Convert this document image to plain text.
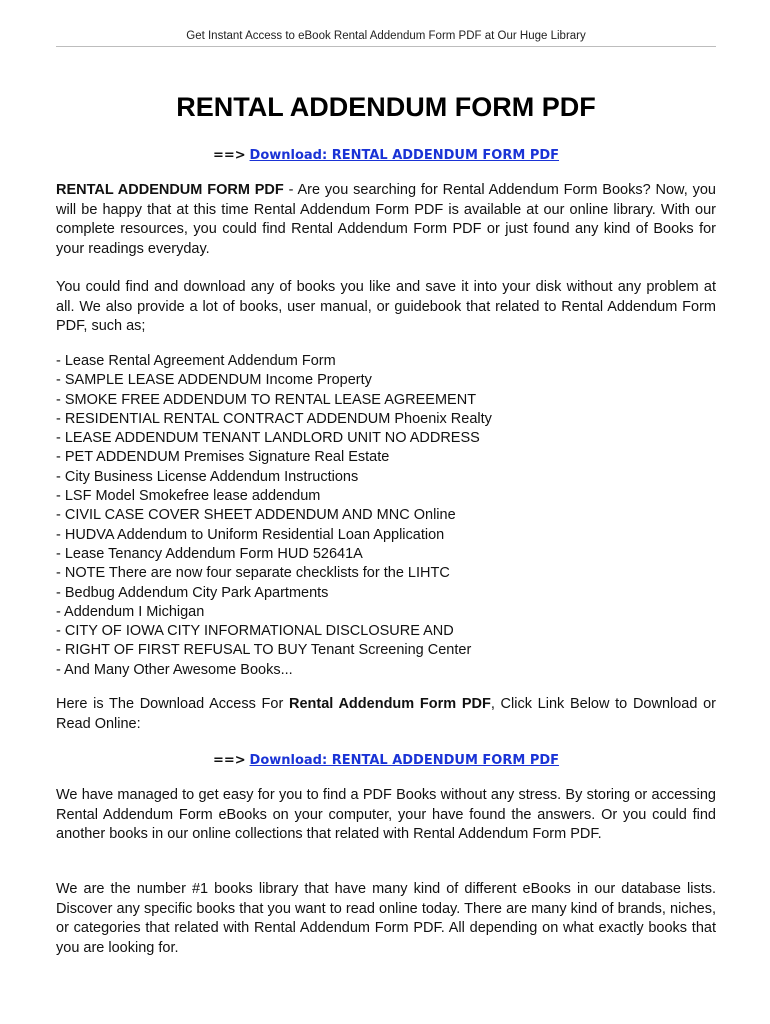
Get Instant Access to eBook Rental Addendum Form PDF at Our Huge Library
RENTAL ADDENDUM FORM PDF
==> Download: RENTAL ADDENDUM FORM PDF

RENTAL ADDENDUM FORM PDF - Are you searching for Rental Addendum Form Books? Now, you will be happy that at this time Rental Addendum Form PDF is available at our online library. With our complete resources, you could find Rental Addendum Form PDF or just found any kind of Books for your readings everyday.

You could find and download any of books you like and save it into your disk without any problem at all. We also provide a lot of books, user manual, or guidebook that related to Rental Addendum Form PDF, such as;

- Lease Rental Agreement Addendum Form
- SAMPLE LEASE ADDENDUM Income Property
- SMOKE FREE ADDENDUM TO RENTAL LEASE AGREEMENT
- RESIDENTIAL RENTAL CONTRACT ADDENDUM Phoenix Realty
- LEASE ADDENDUM TENANT LANDLORD UNIT NO ADDRESS
- PET ADDENDUM Premises Signature Real Estate
- City Business License Addendum Instructions
- LSF Model Smokefree lease addendum
- CIVIL CASE COVER SHEET ADDENDUM AND MNC Online
- HUDVA Addendum to Uniform Residential Loan Application
- Lease Tenancy Addendum Form HUD 52641A
- NOTE There are now four separate checklists for the LIHTC
- Bedbug Addendum City Park Apartments
- Addendum I Michigan
- CITY OF IOWA CITY INFORMATIONAL DISCLOSURE AND
- RIGHT OF FIRST REFUSAL TO BUY Tenant Screening Center
- And Many Other Awesome Books...

Here is The Download Access For Rental Addendum Form PDF, Click Link Below to Download or Read Online:

==> Download: RENTAL ADDENDUM FORM PDF

We have managed to get easy for you to find a PDF Books without any stress. By storing or accessing Rental Addendum Form eBooks on your computer, your have found the answers. Or you could find another books in our online collections that related with Rental Addendum Form PDF.

We are the number #1 books library that have many kind of different eBooks in our database lists. Discover any specific books that you want to read online today. There are many kind of brands, niches, or categories that related with Rental Addendum Form PDF. All depending on what exactly books that you are looking for.
